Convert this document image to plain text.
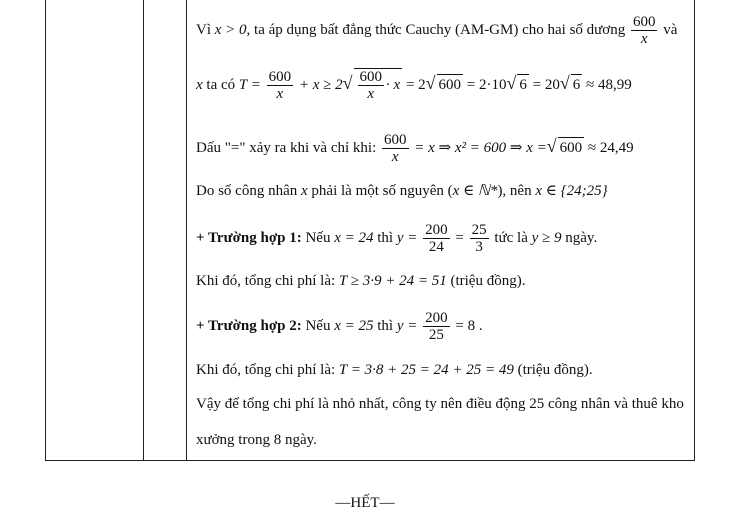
Vì x > 0, ta áp dụng bất đẳng thức Cauchy (AM-GM) cho hai số dương $\frac{600}{x}$ và
x ta có $T = \frac{600}{x} + x \ge 2√ \frac{600}{x} \cdot x = 2√$ 600 = 2·10√ 6 = 20√ 6 ≈ 48,99
Dấu "=" xảy ra khi và chỉ khi: $\frac{600}{x} = x$ ⇒ x² = 600 ⇒ x =√ 600 ≈ 24,49
Do số công nhân x phải là một số nguyên (x ∈ ℕ*), nên x ∈ {24;25}
+ Trường hợp 1: Nếu x = 24 thì $y = \frac{200}{24} = \frac{25}{3}$ tức là y ≥ 9 ngày.
Khi đó, tổng chi phí là: T ≥ 3·9 + 24 = 51 (triệu đồng).
+ Trường hợp 2: Nếu x = 25 thì $y = \frac{200}{25} = 8$ .
Khi đó, tổng chi phí là: T = 3·8 + 25 = 24 + 25 = 49 (triệu đồng).
Vậy để tổng chi phí là nhỏ nhất, công ty nên điều động 25 công nhân và thuê kho
xưởng trong 8 ngày.
—HẾT—
